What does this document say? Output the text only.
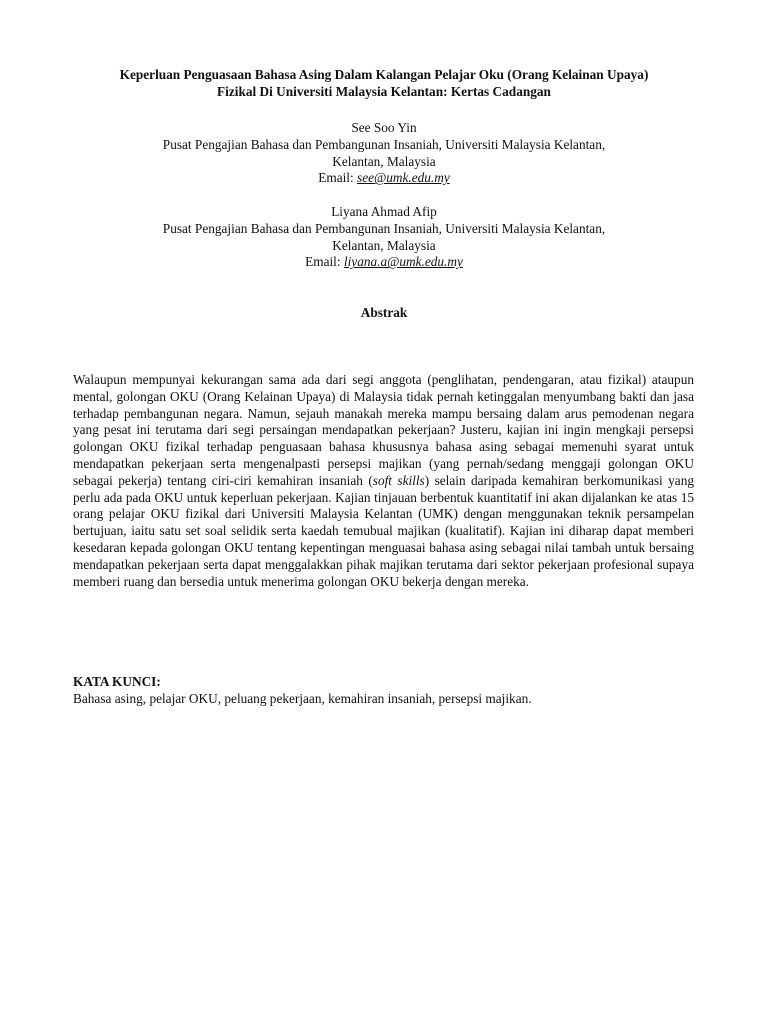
Keperluan Penguasaan Bahasa Asing Dalam Kalangan Pelajar Oku (Orang Kelainan Upaya)
Fizikal Di Universiti Malaysia Kelantan: Kertas Cadangan
See Soo Yin
Pusat Pengajian Bahasa dan Pembangunan Insaniah, Universiti Malaysia Kelantan,
Kelantan, Malaysia
Email: see@umk.edu.my
Liyana Ahmad Afip
Pusat Pengajian Bahasa dan Pembangunan Insaniah, Universiti Malaysia Kelantan,
Kelantan, Malaysia
Email: liyana.a@umk.edu.my
Abstrak
Walaupun mempunyai kekurangan sama ada dari segi anggota (penglihatan, pendengaran, atau fizikal) ataupun mental, golongan OKU (Orang Kelainan Upaya) di Malaysia tidak pernah ketinggalan menyumbang bakti dan jasa terhadap pembangunan negara. Namun, sejauh manakah mereka mampu bersaing dalam arus pemodenan negara yang pesat ini terutama dari segi persaingan mendapatkan pekerjaan? Justeru, kajian ini ingin mengkaji persepsi golongan OKU fizikal terhadap penguasaan bahasa khususnya bahasa asing sebagai memenuhi syarat untuk mendapatkan pekerjaan serta mengenalpasti persepsi majikan (yang pernah/sedang menggaji golongan OKU sebagai pekerja) tentang ciri-ciri kemahiran insaniah (soft skills) selain daripada kemahiran berkomunikasi yang perlu ada pada OKU untuk keperluan pekerjaan. Kajian tinjauan berbentuk kuantitatif ini akan dijalankan ke atas 15 orang pelajar OKU fizikal dari Universiti Malaysia Kelantan (UMK) dengan menggunakan teknik persampelan bertujuan, iaitu satu set soal selidik serta kaedah temubual majikan (kualitatif). Kajian ini diharap dapat memberi kesedaran kepada golongan OKU tentang kepentingan menguasai bahasa asing sebagai nilai tambah untuk bersaing mendapatkan pekerjaan serta dapat menggalakkan pihak majikan terutama dari sektor pekerjaan profesional supaya memberi ruang dan bersedia untuk menerima golongan OKU bekerja dengan mereka.
KATA KUNCI:
Bahasa asing, pelajar OKU, peluang pekerjaan, kemahiran insaniah, persepsi majikan.
